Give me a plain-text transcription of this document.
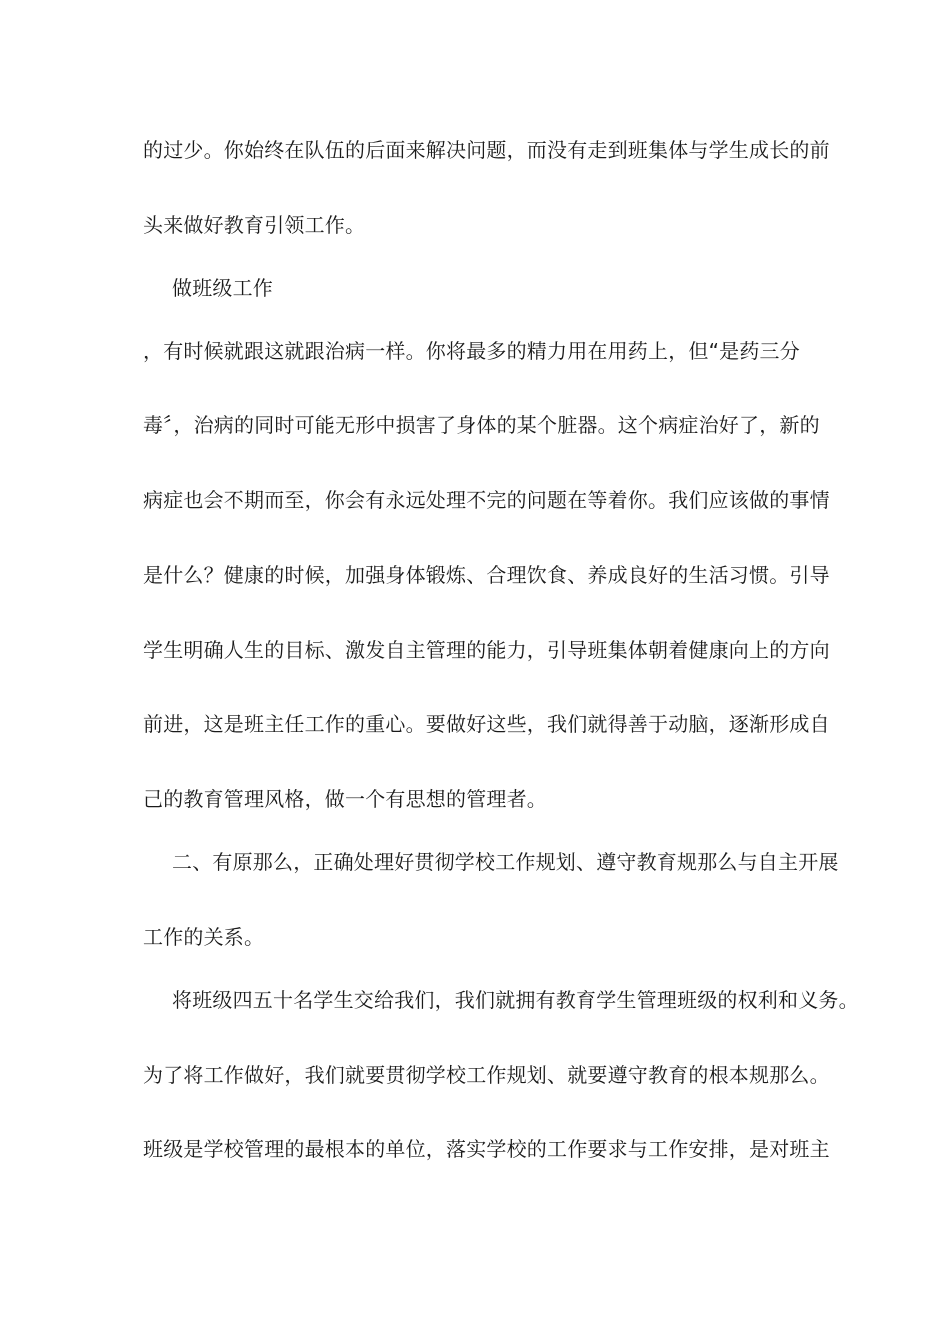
的过少。你始终在队伍的后面来解决问题，而没有走到班集体与学生成长的前
头来做好教育引领工作。
做班级工作
，有时候就跟这就跟治病一样。你将最多的精力用在用药上，但“是药三分
毒〞，治病的同时可能无形中损害了身体的某个脏器。这个病症治好了，新的
病症也会不期而至，你会有永远处理不完的问题在等着你。我们应该做的事情
是什么？健康的时候，加强身体锻炼、合理饮食、养成良好的生活习惯。引导
学生明确人生的目标、激发自主管理的能力，引导班集体朝着健康向上的方向
前进，这是班主任工作的重心。要做好这些，我们就得善于动脑，逐渐形成自
己的教育管理风格，做一个有思想的管理者。
二、有原那么，正确处理好贯彻学校工作规划、遵守教育规那么与自主开展
工作的关系。
将班级四五十名学生交给我们，我们就拥有教育学生管理班级的权利和义务。
为了将工作做好，我们就要贯彻学校工作规划、就要遵守教育的根本规那么。
班级是学校管理的最根本的单位，落实学校的工作要求与工作安排，是对班主
